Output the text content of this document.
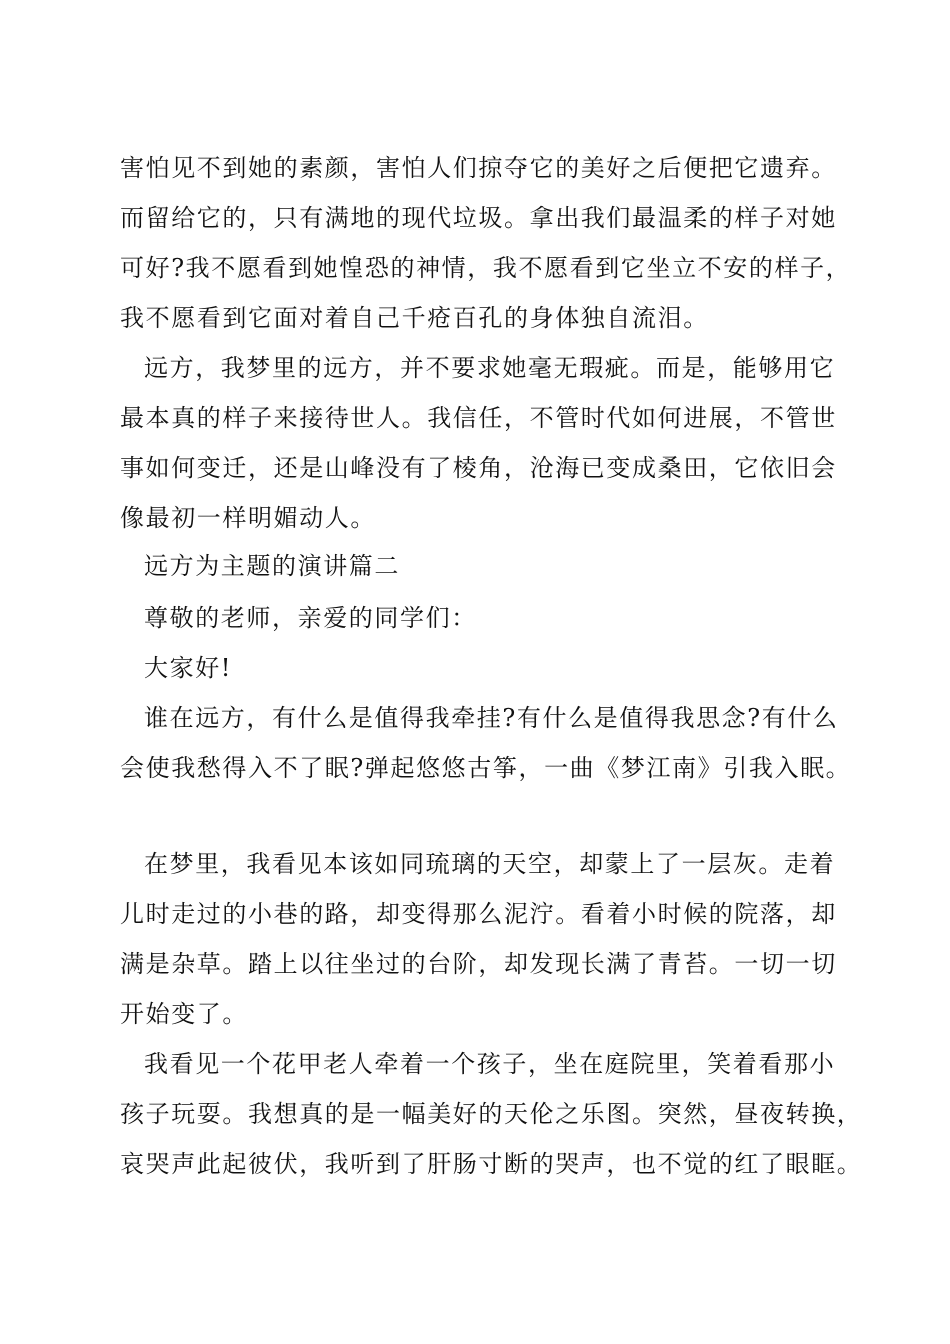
害怕见不到她的素颜，害怕人们掠夺它的美好之后便把它遗弃。
而留给它的，只有满地的现代垃圾。拿出我们最温柔的样子对她
可好?我不愿看到她惶恐的神情，我不愿看到它坐立不安的样子，
我不愿看到它面对着自己千疮百孔的身体独自流泪。
远方，我梦里的远方，并不要求她毫无瑕疵。而是，能够用它
最本真的样子来接待世人。我信任，不管时代如何进展，不管世
事如何变迁，还是山峰没有了棱角，沧海已变成桑田，它依旧会
像最初一样明媚动人。
远方为主题的演讲篇二
尊敬的老师，亲爱的同学们：
大家好!
谁在远方，有什么是值得我牵挂?有什么是值得我思念?有什么
会使我愁得入不了眠?弹起悠悠古筝，一曲《梦江南》引我入眠。
在梦里，我看见本该如同琉璃的天空，却蒙上了一层灰。走着
儿时走过的小巷的路，却变得那么泥泞。看着小时候的院落，却
满是杂草。踏上以往坐过的台阶，却发现长满了青苔。一切一切
开始变了。
我看见一个花甲老人牵着一个孩子，坐在庭院里，笑着看那小
孩子玩耍。我想真的是一幅美好的天伦之乐图。突然，昼夜转换，
哀哭声此起彼伏，我听到了肝肠寸断的哭声，也不觉的红了眼眶。
